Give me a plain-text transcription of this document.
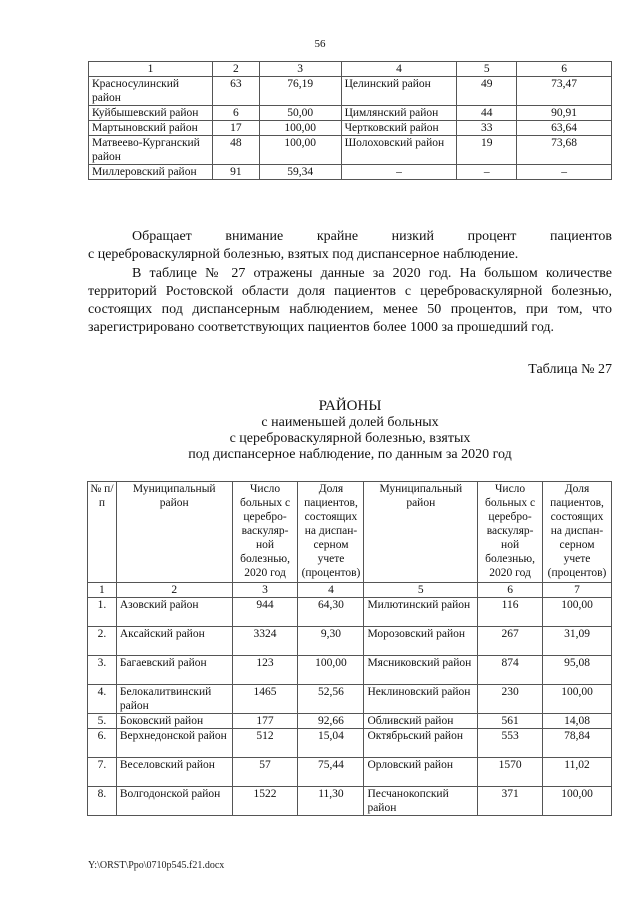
56
1	2	3	4	5	6
Красносулинский район	63	76,19	Целинский район	49	73,47
Куйбышевский район	6	50,00	Цимлянский район	44	90,91
Мартыновский район	17	100,00	Чертковский район	33	63,64
Матвеево-Курганский район	48	100,00	Шолоховский район	19	73,68
Миллеровский район	91	59,34	–	–	–
Обращает внимание крайне низкий процент пациентов
с цереброваскулярной болезнью, взятых под диспансерное наблюдение.
В таблице № 27 отражены данные за 2020 год. На большом количестве территорий Ростовской области доля пациентов с цереброваскулярной болезнью, состоящих под диспансерным наблюдением, менее 50 процентов, при том, что зарегистрировано соответствующих пациентов более 1000 за прошедший год.
Таблица № 27
РАЙОНЫ
с наименьшей долей больных
с цереброваскулярной болезнью, взятых
под диспансерное наблюдение, по данным за 2020 год
№ п/п	Муниципальный район	Число больных с церебро-васкуляр-ной болезнью, 2020 год	Доля пациентов, состоящих на диспан-серном учете (процентов)	Муниципальный район	Число больных с церебро-васкуляр-ной болезнью, 2020 год	Доля пациентов, состоящих на диспан-серном учете (процентов)
1	2	3	4	5	6	7
1.	Азовский район	944	64,30	Милютинский район	116	100,00
2.	Аксайский район	3324	9,30	Морозовский район	267	31,09
3.	Багаевский район	123	100,00	Мясниковский район	874	95,08
4.	Белокалитвинский район	1465	52,56	Неклиновский район	230	100,00
5.	Боковский район	177	92,66	Обливский район	561	14,08
6.	Верхнедонской район	512	15,04	Октябрьский район	553	78,84
7.	Веселовский район	57	75,44	Орловский район	1570	11,02
8.	Волгодонской район	1522	11,30	Песчанокопский район	371	100,00
Y:\ORST\Ppo\0710p545.f21.docx
